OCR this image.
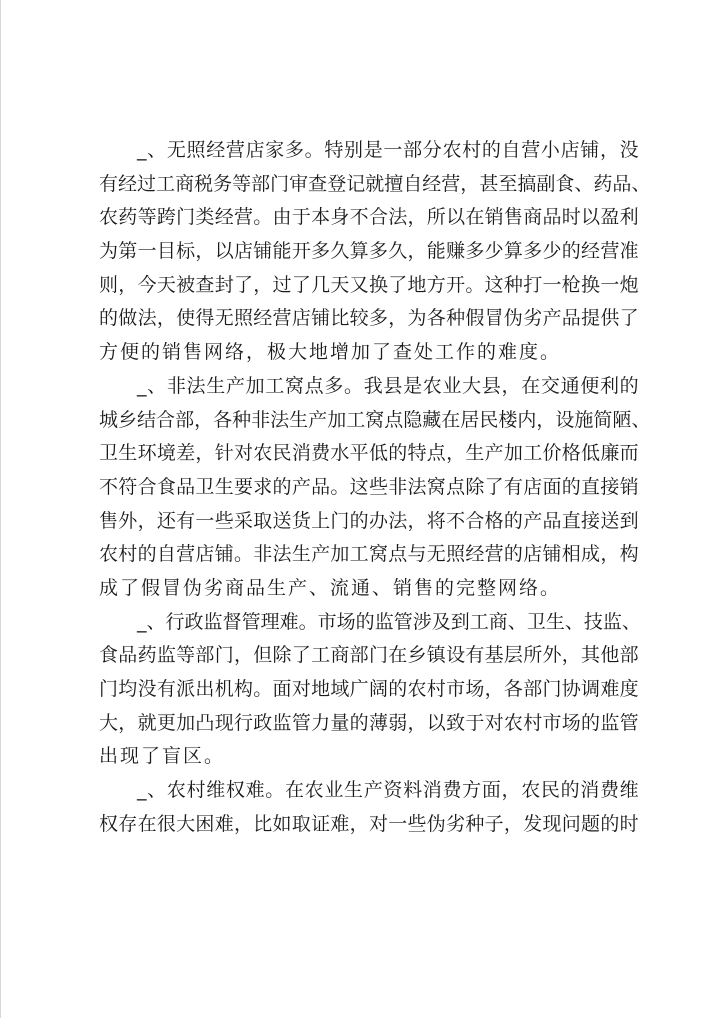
_ 、 无 照 经 营 店 家 多 。 特 别 是 一 部 分 农 村 的 自 营 小 店 铺 ， 没
有 经 过 工 商 税 务 等 部 门 审 查 登 记 就 擅 自 经 营 ， 甚 至 搞 副 食 、 药 品 、
农 药 等 跨 门 类 经 营 。 由 于 本 身 不 合 法 ， 所 以 在 销 售 商 品 时 以 盈 利
为 第 一 目 标 ， 以 店 铺 能 开 多 久 算 多 久 ， 能 赚 多 少 算 多 少 的 经 营 准
则 ， 今 天 被 查 封 了 ， 过 了 几 天 又 换 了 地 方 开 。 这 种 打 一 枪 换 一 炮
的 做 法 ， 使 得 无 照 经 营 店 铺 比 较 多 ， 为 各 种 假 冒 伪 劣 产 品 提 供 了
方便的销售网络，极大地增加了查处工作的难度。
_ 、 非 法 生 产 加 工 窝 点 多 。 我 县 是 农 业 大 县 ， 在 交 通 便 利 的
城 乡 结 合 部 ， 各 种 非 法 生 产 加 工 窝 点 隐 藏 在 居 民 楼 内 ， 设 施 简 陋 、
卫 生 环 境 差 ， 针 对 农 民 消 费 水 平 低 的 特 点 ， 生 产 加 工 价 格 低 廉 而
不 符 合 食 品 卫 生 要 求 的 产 品 。 这 些 非 法 窝 点 除 了 有 店 面 的 直 接 销
售 外 ， 还 有 一 些 采 取 送 货 上 门 的 办 法 ， 将 不 合 格 的 产 品 直 接 送 到
农 村 的 自 营 店 铺 。 非 法 生 产 加 工 窝 点 与 无 照 经 营 的 店 铺 相 成 ， 构
成了假冒伪劣商品生产、流通、销售的完整网络。
_ 、 行 政 监 督 管 理 难 。 市 场 的 监 管 涉 及 到 工 商 、 卫 生 、 技 监 、
食 品 药 监 等 部 门 ， 但 除 了 工 商 部 门 在 乡 镇 设 有 基 层 所 外 ， 其 他 部
门 均 没 有 派 出 机 构 。 面 对 地 域 广 阔 的 农 村 市 场 ， 各 部 门 协 调 难 度
大 ， 就 更 加 凸 现 行 政 监 管 力 量 的 薄 弱 ， 以 致 于 对 农 村 市 场 的 监 管
出现了盲区。
_ 、 农 村 维 权 难 。 在 农 业 生 产 资 料 消 费 方 面 ， 农 民 的 消 费 维
权 存 在 很 大 困 难 ， 比 如 取 证 难 ， 对 一 些 伪 劣 种 子 ， 发 现 问 题 的 时
